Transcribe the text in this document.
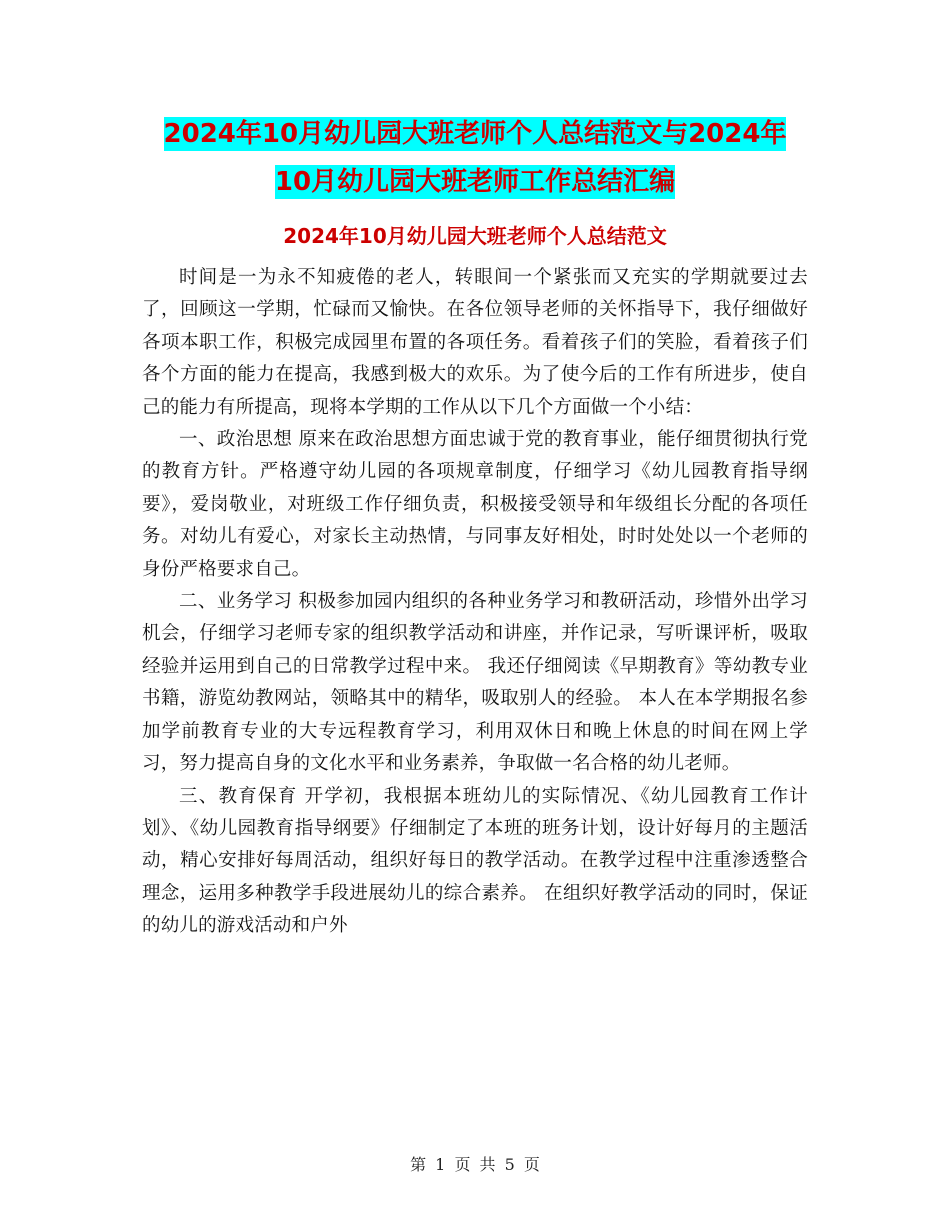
2024年10月幼儿园大班老师个人总结范文与2024年
10月幼儿园大班老师工作总结汇编
2024年10月幼儿园大班老师个人总结范文

时间是一为永不知疲倦的老人，转眼间一个紧张而又充实的学期就要过去了，回顾这一学期，忙碌而又愉快。在各位领导老师的关怀指导下，我仔细做好各项本职工作，积极完成园里布置的各项任务。看着孩子们的笑脸，看着孩子们各个方面的能力在提高，我感到极大的欢乐。为了使今后的工作有所进步，使自己的能力有所提高，现将本学期的工作从以下几个方面做一个小结：

一、政治思想 原来在政治思想方面忠诚于党的教育事业，能仔细贯彻执行党的教育方针。严格遵守幼儿园的各项规章制度，仔细学习《幼儿园教育指导纲要》，爱岗敬业，对班级工作仔细负责，积极接受领导和年级组长分配的各项任务。对幼儿有爱心，对家长主动热情，与同事友好相处，时时处处以一个老师的身份严格要求自己。

二、业务学习 积极参加园内组织的各种业务学习和教研活动，珍惜外出学习机会，仔细学习老师专家的组织教学活动和讲座，并作记录，写听课评析，吸取经验并运用到自己的日常教学过程中来。 我还仔细阅读《早期教育》等幼教专业书籍，游览幼教网站，领略其中的精华，吸取别人的经验。 本人在本学期报名参加学前教育专业的大专远程教育学习，利用双休日和晚上休息的时间在网上学习，努力提高自身的文化水平和业务素养，争取做一名合格的幼儿老师。

三、教育保育 开学初，我根据本班幼儿的实际情况、《幼儿园教育工作计划》、《幼儿园教育指导纲要》仔细制定了本班的班务计划，设计好每月的主题活动，精心安排好每周活动，组织好每日的教学活动。在教学过程中注重渗透整合理念，运用多种教学手段进展幼儿的综合素养。 在组织好教学活动的同时，保证的幼儿的游戏活动和户外

第 1 页 共 5 页
